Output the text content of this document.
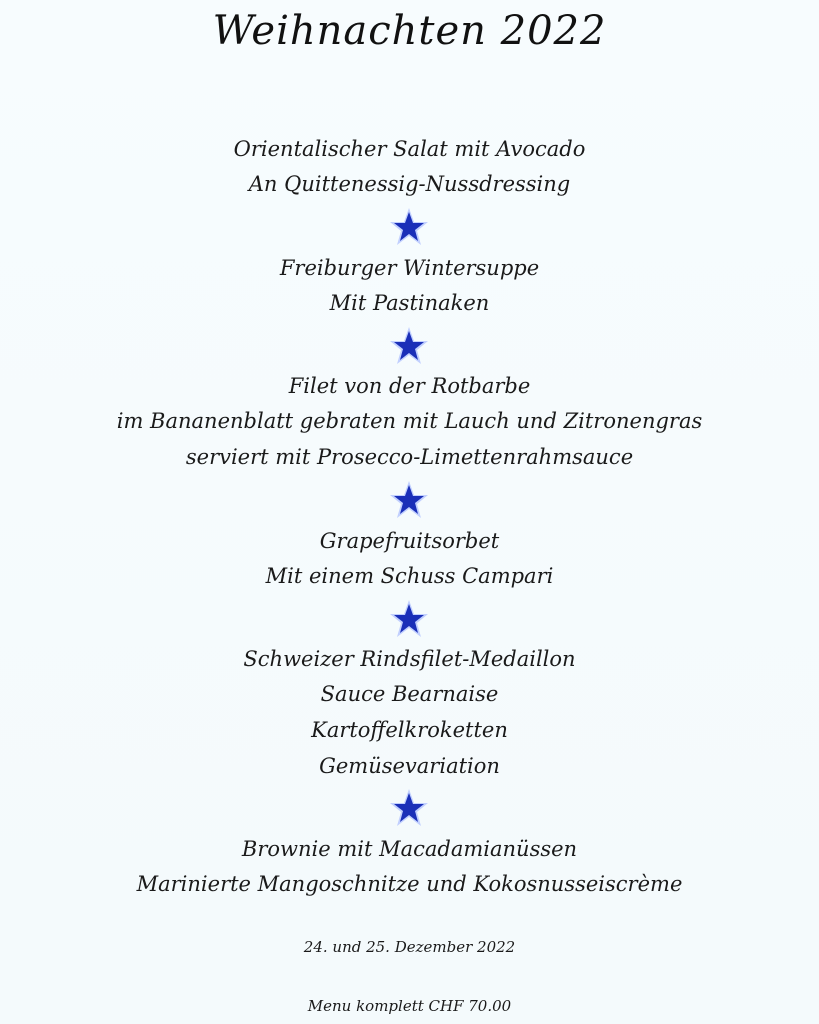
Weihnachten 2022
Orientalischer Salat mit Avocado
An Quittenessig-Nussdressing
Freiburger Wintersuppe
Mit Pastinaken
Filet von der Rotbarbe
im Bananenblatt gebraten mit Lauch und Zitronengras
serviert mit Prosecco-Limettenrahmsauce
Grapefruitsorbet
Mit einem Schuss Campari
Schweizer Rindsfilet-Medaillon
Sauce Bearnaise
Kartoffelkroketten
Gemüsevariation
Brownie mit Macadamianüssen
Marinierte Mangoschnitze und Kokosnusseiscrème
24. und 25. Dezember 2022
Menu komplett CHF 70.00
